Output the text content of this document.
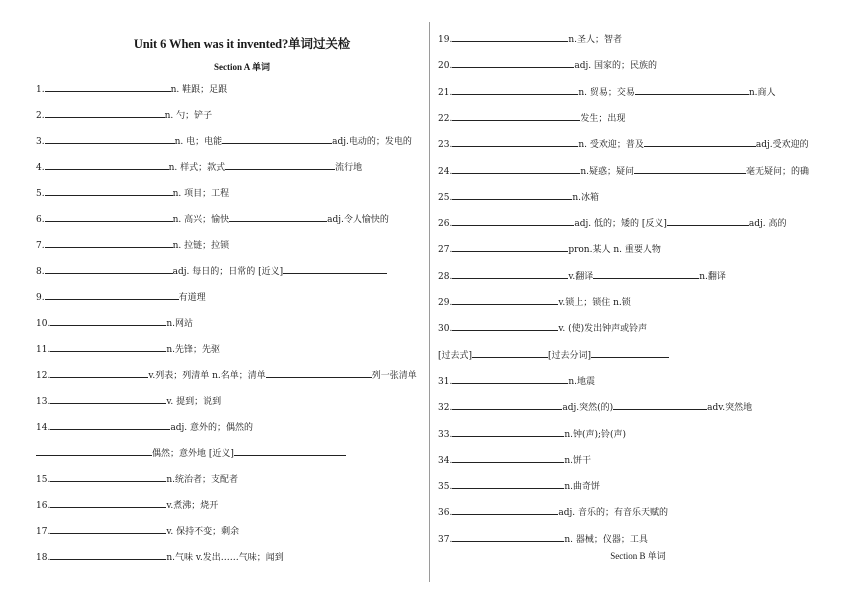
Unit 6 When was it invented?单词过关检
Section A 单词
1.	n. 鞋跟；足跟
2.	n. 勺；铲子
3.	n. 电；电能	adj.电动的；发电的
4.	n. 样式；款式	流行地
5.	n. 项目；工程
6.	n. 高兴；愉快	adj.令人愉快的
7.	n. 拉链；拉锁
8.	adj. 每日的；日常的 [近义]
9.	有道理
10.	n.网站
11.	n.先锋；先驱
12.	v.列表；列清单 n.名单；清单	列一张清单
13.	v. 提到；说到
14.	adj. 意外的；偶然的
偶然；意外地 [近义]
15.	n.统治者；支配者
16.	v.煮沸；烧开
17.	v. 保持不变；剩余
18.	n.气味 v.发出……气味；闻到
19.	n.圣人；智者
20.	adj. 国家的；民族的
21.	n. 贸易；交易	n.商人
22.	发生；出现
23.	n. 受欢迎；普及	adj.受欢迎的
24.	n.疑惑；疑问	毫无疑问；的确
25.	n.冰箱
26.	adj. 低的；矮的 [反义]	adj. 高的
27.	pron.某人 n. 重要人物
28.	v.翻译	n.翻译
29.	v.锁上；锁住 n.锁
30.	v. (使)发出钟声或铃声
[过去式]	[过去分词]
31.	n.地震
32.	adj.突然(的)	adv.突然地
33.	n.钟(声);铃(声)
34.	n.饼干
35.	n.曲奇饼
36.	adj. 音乐的；有音乐天赋的
37.	n. 器械；仪器；工具
Section B 单词
